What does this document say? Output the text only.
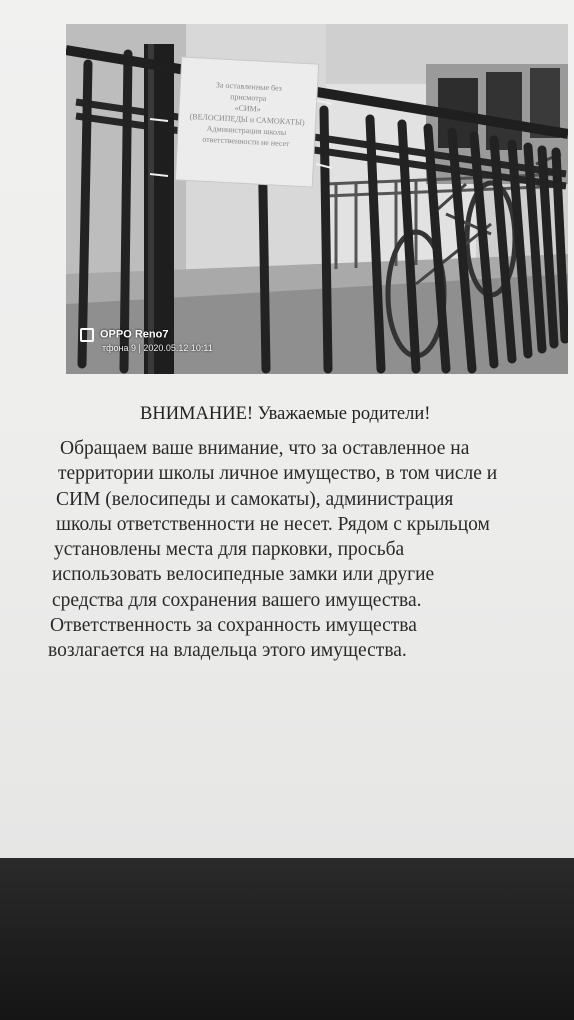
За оставленные без
присмотра
«СИМ»
(ВЕЛОСИПЕДЫ и САМОКАТЫ)
Администрация школы
ответственности не несет
OPPO Reno7
тфона 9 | 2020.05.12 10:11
ВНИМАНИЕ! Уважаемые родители!
Обращаем ваше внимание, что за оставленное на
территории школы личное имущество, в том числе и
СИМ (велосипеды и самокаты), администрация
школы ответственности не несет. Рядом с крыльцом
установлены места для парковки, просьба
использовать велосипедные замки или другие
средства для сохранения вашего имущества.
Ответственность за сохранность имущества
возлагается на владельца этого имущества.
